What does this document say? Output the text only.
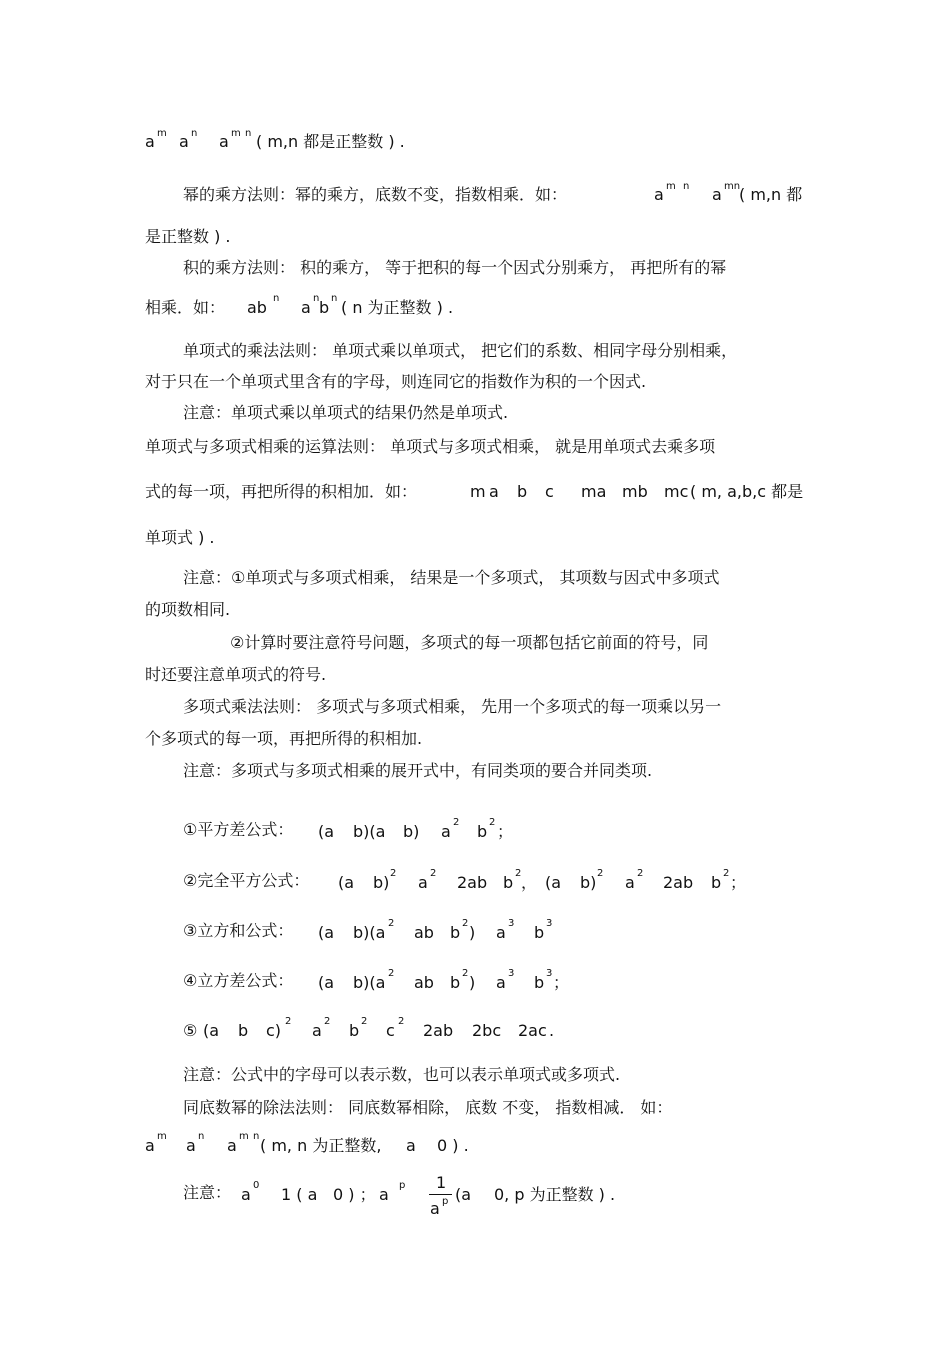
a m a n a m n ( m,n 都是正整数 ) .
幂的乘方法则：幂的乘方，底数不变，指数相乘．如：	a m n a mn
( m,n 都
是正整数 ) .
积的乘方法则： 积的乘方， 等于把积的每一个因式分别乘方， 再把所有的幂
相乘．如： ab n a n b n ( n 为正整数 ) .
单项式的乘法法则： 单项式乘以单项式， 把它们的系数、相同字母分别相乘，
对于只在一个单项式里含有的字母，则连同它的指数作为积的一个因式.
注意：单项式乘以单项式的结果仍然是单项式.
单项式与多项式相乘的运算法则： 单项式与多项式相乘， 就是用单项式去乘多项
式的每一项，再把所得的积相加．如：	m a b c ma mb mc ( m, a,b,c 都是
单项式 ) .
注意：①单项式与多项式相乘， 结果是一个多项式， 其项数与因式中多项式
的项数相同.
②计算时要注意符号问题，多项式的每一项都包括它前面的符号，同
时还要注意单项式的符号.
多项式乘法法则： 多项式与多项式相乘， 先用一个多项式的每一项乘以另一
个多项式的每一项，再把所得的积相加.
注意：多项式与多项式相乘的展开式中，有同类项的要合并同类项.
①平方差公式： (a b)(a b) a 2 b 2 ；
②完全平方公式： (a b) 2 a 2 2ab b 2 ， (a b) 2 a 2 2ab b 2 ；
③立方和公式： (a b)(a 2 ab b 2 ) a 3 b 3
④立方差公式： (a b)(a 2 ab b 2 ) a 3 b 3 ；
⑤ (a b c) 2 a 2 b 2 c 2 2ab 2bc 2ac .
注意：公式中的字母可以表示数，也可以表示单项式或多项式.
同底数幂的除法法则： 同底数幂相除， 底数 不变， 指数相减． 如：
a m a n a m n ( m, n 为正整数, a 0 ) .
注意： a 0 1 ( a 0 ) ； a p 1
a p (a 0, p 为正整数 ) .
